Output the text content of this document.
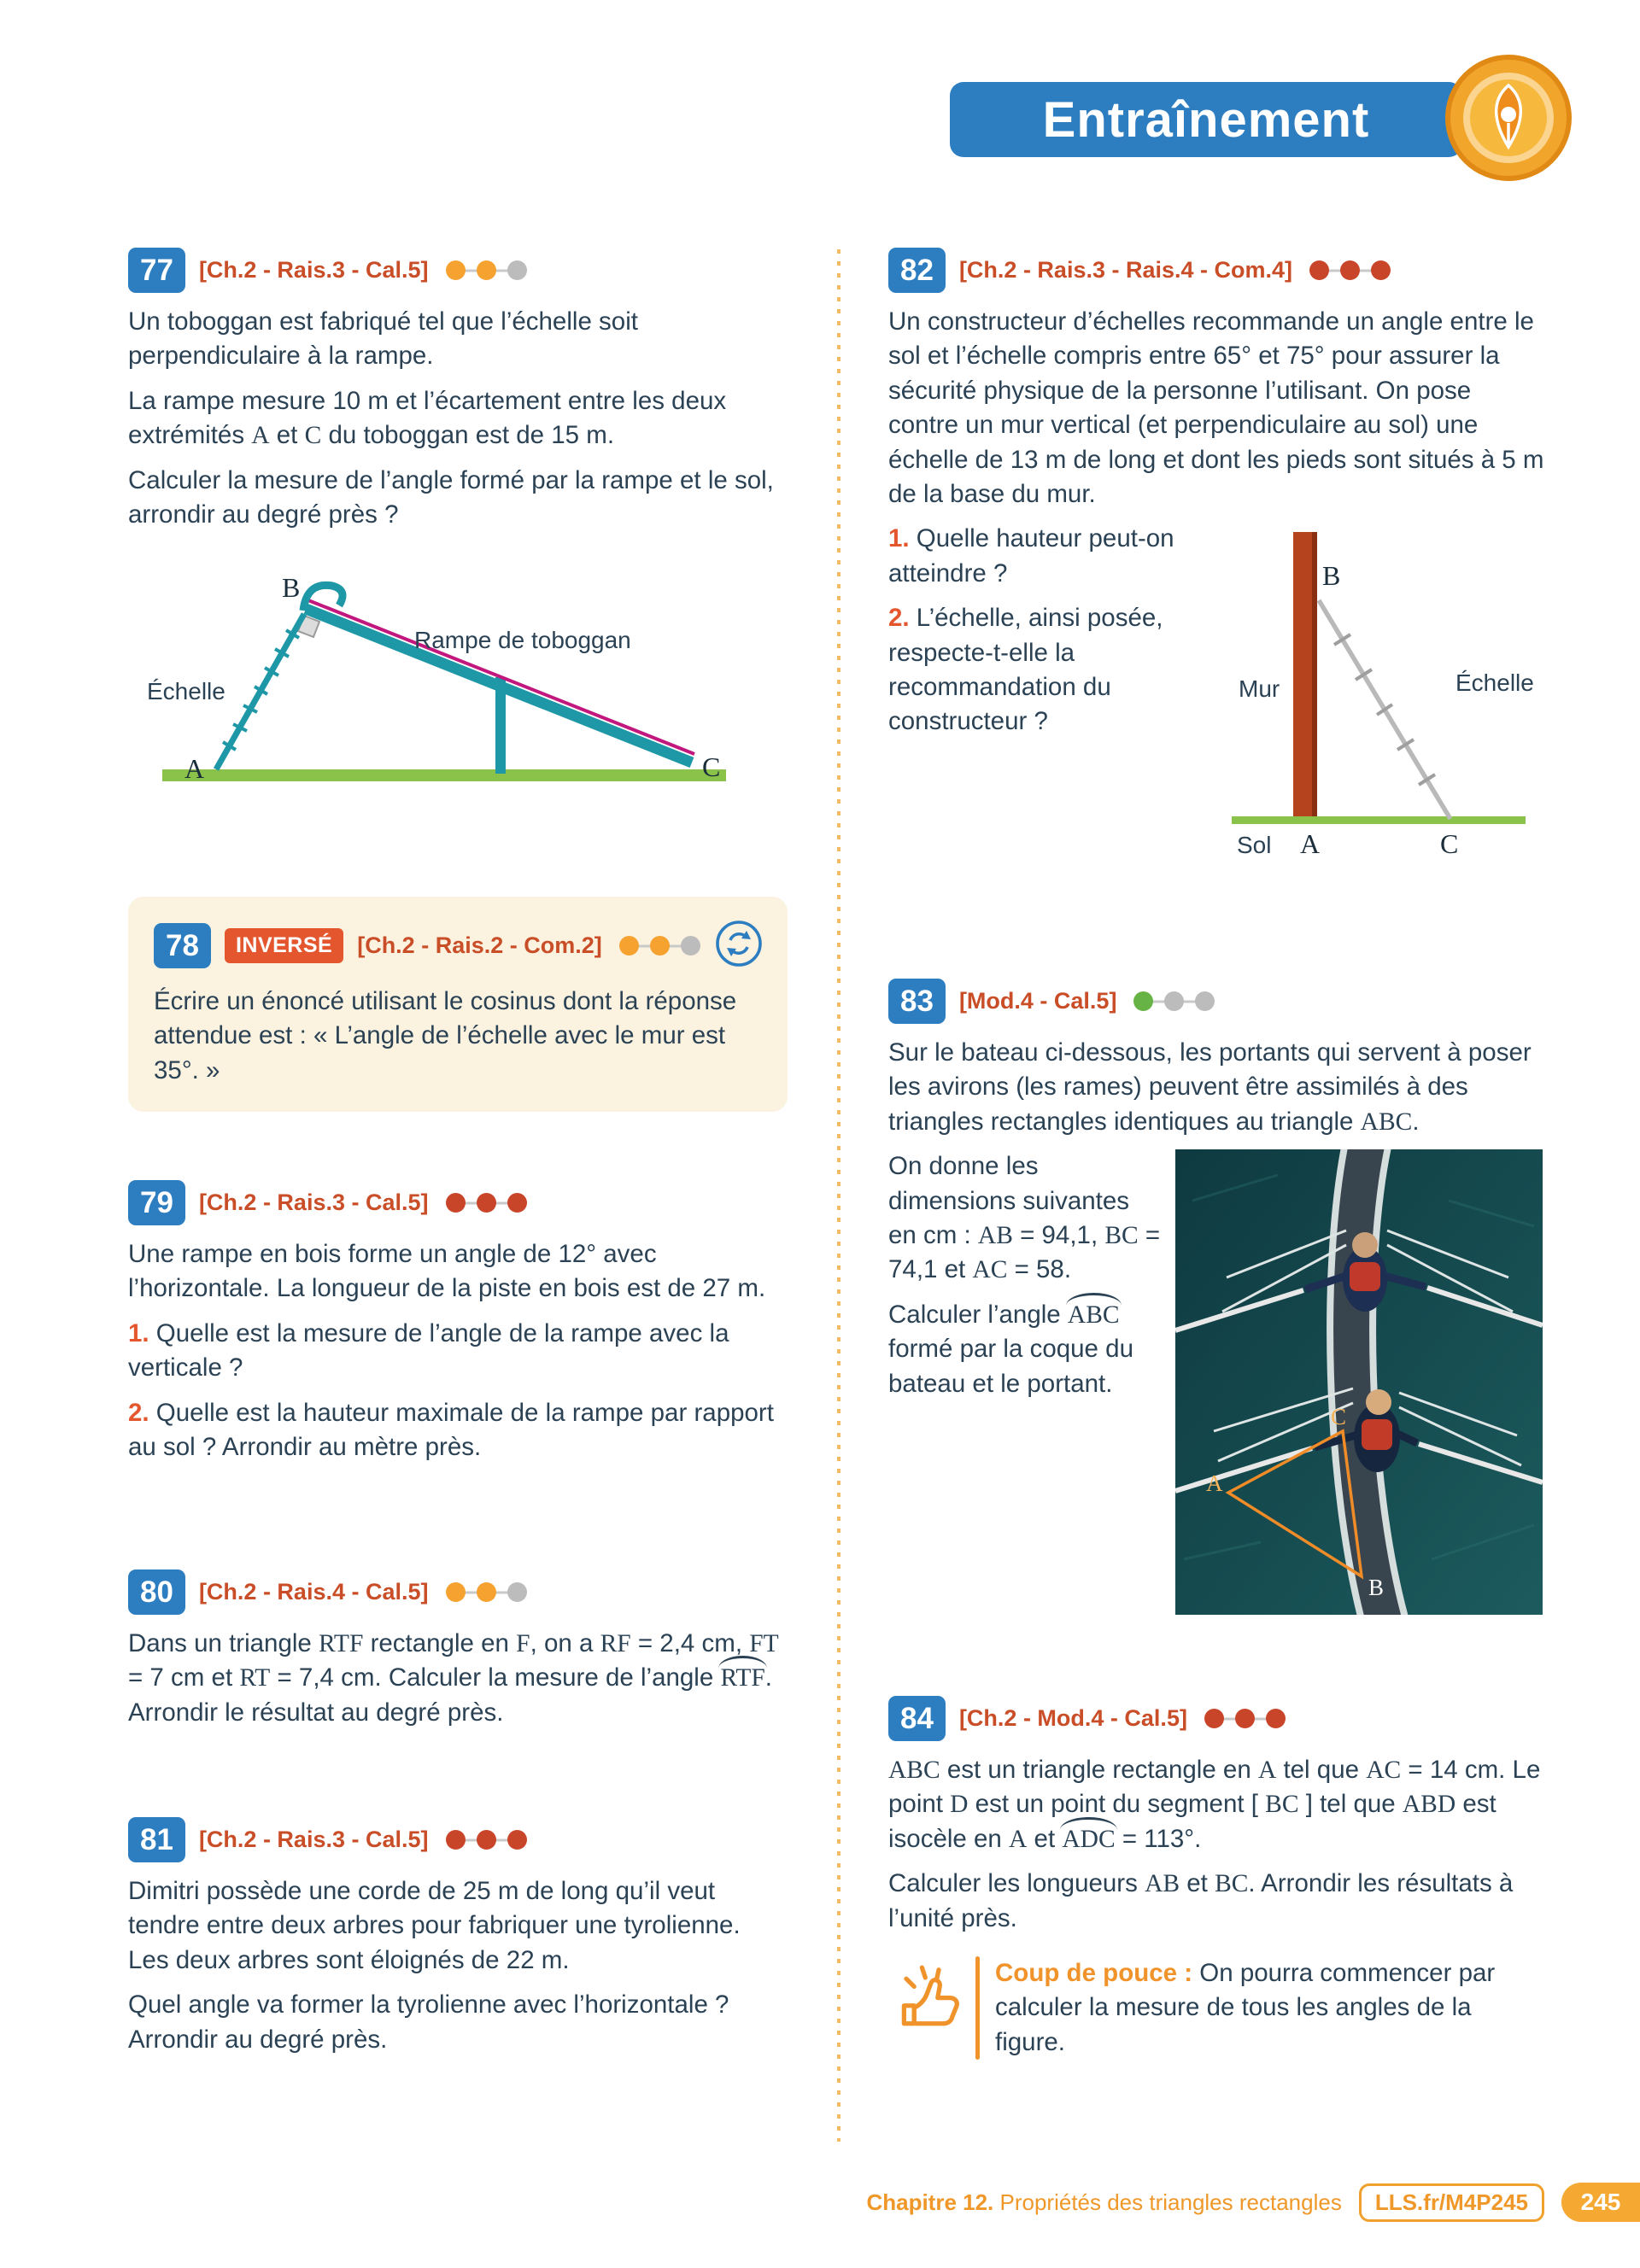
Entraînement
77	[Ch.2 - Rais.3 - Cal.5]

Un toboggan est fabriqué tel que l’échelle soit perpendiculaire à la rampe.

La rampe mesure 10 m et l’écartement entre les deux extrémités A et C du toboggan est de 15 m.

Calculer la mesure de l’angle formé par la rampe et le sol, arrondir au degré près ?

B
Échelle
Rampe de toboggan
A	C
78	INVERSÉ	[Ch.2 - Rais.2 - Com.2]

Écrire un énoncé utilisant le cosinus dont la réponse attendue est : « L’angle de l’échelle avec le mur est 35°. »

79	[Ch.2 - Rais.3 - Cal.5]

Une rampe en bois forme un angle de 12° avec l’horizontale. La longueur de la piste en bois est de 27 m.

1. Quelle est la mesure de l’angle de la rampe avec la verticale ?

2. Quelle est la hauteur maximale de la rampe par rapport au sol ? Arrondir au mètre près.

80	[Ch.2 - Rais.4 - Cal.5]

Dans un triangle RTF rectangle en F, on a RF = 2,4 cm, FT = 7 cm et RT = 7,4 cm. Calculer la mesure de l’angle RTF. Arrondir le résultat au degré près.

81	[Ch.2 - Rais.3 - Cal.5]

Dimitri possède une corde de 25 m de long qu’il veut tendre entre deux arbres pour fabriquer une tyrolienne. Les deux arbres sont éloignés de 22 m.

Quel angle va former la tyrolienne avec l’horizontale ? Arrondir au degré près.

82	[Ch.2 - Rais.3 - Rais.4 - Com.4]

Un constructeur d’échelles recommande un angle entre le sol et l’échelle compris entre 65° et 75° pour assurer la sécurité physique de la personne l’utilisant. On pose contre un mur vertical (et perpendiculaire au sol) une échelle de 13 m de long et dont les pieds sont situés à 5 m de la base du mur.

1. Quelle hauteur peut-on atteindre ?

2. L’échelle, ainsi posée, respecte-t-elle la recommandation du constructeur ?

B
Mur	Échelle
Sol A	C
83	[Mod.4 - Cal.5]

Sur le bateau ci-dessous, les portants qui servent à poser les avirons (les rames) peuvent être assimilés à des triangles rectangles identiques au triangle ABC.

On donne les dimensions suivantes en cm : AB = 94,1, BC = 74,1 et AC = 58.

Calculer l’angle ABC formé par la coque du bateau et le portant.

C
A
B
84	[Ch.2 - Mod.4 - Cal.5]

ABC est un triangle rectangle en A tel que AC = 14 cm. Le point D est un point du segment [ BC ] tel que ABD est isocèle en A et ADC = 113°.

Calculer les longueurs AB et BC. Arrondir les résultats à l’unité près.

Coup de pouce : On pourra commencer par calculer la mesure de tous les angles de la figure.

Chapitre 12. Propriétés des triangles rectangles	LLS.fr/M4P245	245
